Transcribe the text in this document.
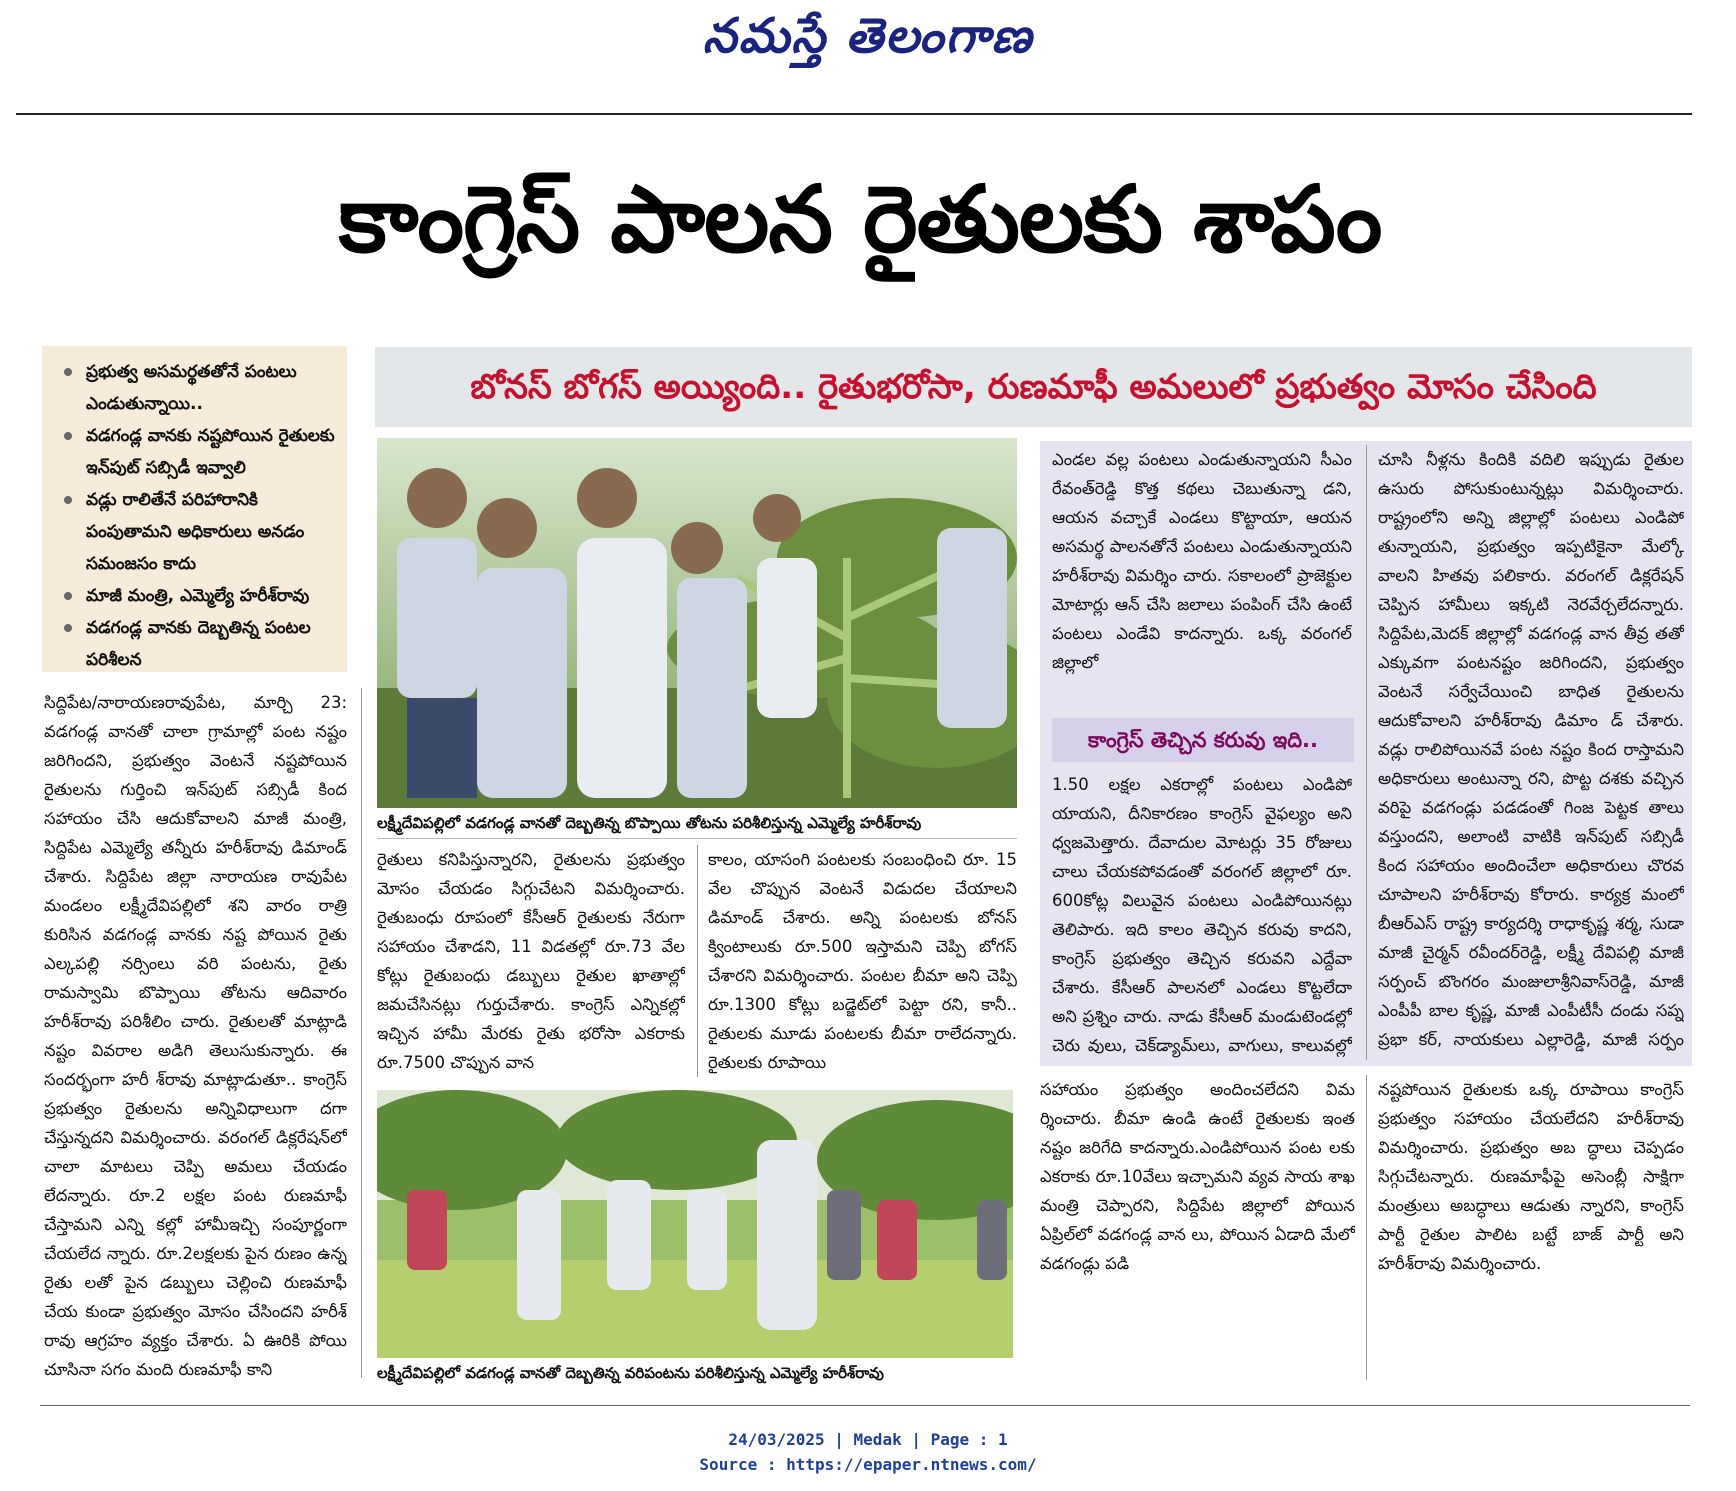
నమస్తే తెలంగాణ
కాంగ్రెస్ పాలన రైతులకు శాపం
ప్రభుత్వ అసమర్థతతోనే పంటలు ఎండుతున్నాయి..
వడగండ్ల వానకు నష్టపోయిన రైతులకు ఇన్‌పుట్ సబ్సిడీ ఇవ్వాలి
వడ్లు రాలితేనే పరిహారానికి పంపుతామని అధికారులు అనడం సమంజసం కాదు
మాజీ మంత్రి, ఎమ్మెల్యే హరీశ్‌రావు
వడగండ్ల వానకు దెబ్బతిన్న పంటల పరిశీలన
బోనస్ బోగస్ అయ్యింది.. రైతుభరోసా, రుణమాఫీ అమలులో ప్రభుత్వం మోసం చేసింది

సిద్దిపేట/నారాయణరావుపేట, మార్చి 23: వడగండ్ల వానతో చాలా గ్రామాల్లో పంట నష్టం జరిగిందని, ప్రభుత్వం వెంటనే నష్టపోయిన రైతులను గుర్తించి ఇన్‌పుట్ సబ్సిడీ కింద సహాయం చేసి ఆదుకోవాలని మాజీ మంత్రి, సిద్దిపేట ఎమ్మెల్యే తన్నీరు హరీశ్‌రావు డిమాండ్ చేశారు. సిద్దిపేట జిల్లా నారాయణ రావుపేట మండలం లక్ష్మీదేవిపల్లిలో శని వారం రాత్రి కురిసిన వడగండ్ల వానకు నష్ట పోయిన రైతు ఎల్కపల్లి నర్సింలు వరి పంటను, రైతు రామస్వామి బొప్పాయి తోటను ఆదివారం హరీశ్‌రావు పరిశీలిం చారు. రైతులతో మాట్లాడి నష్టం వివరాల అడిగి తెలుసుకున్నారు. ఈ సందర్భంగా హరీ శ్‌రావు మాట్లాడుతూ.. కాంగ్రెస్ ప్రభుత్వం రైతులను అన్నివిధాలుగా దగా చేస్తున్నదని విమర్శించారు. వరంగల్ డిక్లరేషన్‌లో చాలా మాటలు చెప్పి అమలు చేయడం లేదన్నారు. రూ.2 లక్షల పంట రుణమాఫీ చేస్తామని ఎన్ని కల్లో హామీఇచ్చి సంపూర్ణంగా చేయలేద న్నారు. రూ.2లక్షలకు పైన రుణం ఉన్న రైతు లతో పైన డబ్బులు చెల్లించి రుణమాఫీ చేయ కుండా ప్రభుత్వం మోసం చేసిందని హరీశ్ రావు ఆగ్రహం వ్యక్తం చేశారు. ఏ ఊరికి పోయి చూసినా సగం మంది రుణమాఫీ కాని

లక్ష్మీదేవిపల్లిలో వడగండ్ల వానతో దెబ్బతిన్న బొప్పాయి తోటను పరిశీలిస్తున్న ఎమ్మెల్యే హరీశ్‌రావు

రైతులు కనిపిస్తున్నారని, రైతులను ప్రభుత్వం మోసం చేయడం సిగ్గుచేటని విమర్శించారు. రైతుబంధు రూపంలో కేసీఆర్ రైతులకు నేరుగా సహాయం చేశాడని, 11 విడతల్లో రూ.73 వేల కోట్లు రైతుబంధు డబ్బులు రైతుల ఖాతాల్లో జమచేసినట్లు గుర్తుచేశారు. కాంగ్రెస్ ఎన్నికల్లో ఇచ్చిన హామీ మేరకు రైతు భరోసా ఎకరాకు రూ.7500 చొప్పున వాన

కాలం, యాసంగి పంటలకు సంబంధించి రూ. 15 వేల చొప్పున వెంటనే విడుదల చేయాలని డిమాండ్ చేశారు. అన్ని పంటలకు బోనస్ క్వింటాలుకు రూ.500 ఇస్తామని చెప్పి బోగస్ చేశారని విమర్శించారు. పంటల బీమా అని చెప్పి రూ.1300 కోట్లు బడ్జెట్‌లో పెట్టా రని, కానీ.. రైతులకు మూడు పంటలకు బీమా రాలేదన్నారు. రైతులకు రూపాయి

లక్ష్మీదేవిపల్లిలో వడగండ్ల వానతో దెబ్బతిన్న వరిపంటను పరిశీలిస్తున్న ఎమ్మెల్యే హరీశ్‌రావు

ఎండల వల్ల పంటలు ఎండుతున్నాయని సీఎం రేవంత్‌రెడ్డి కొత్త కథలు చెబుతున్నా డని, ఆయన వచ్చాకే ఎండలు కొట్టాయా, ఆయన అసమర్థ పాలనతోనే పంటలు ఎండుతున్నాయని హరీశ్‌రావు విమర్శిం చారు. సకాలంలో ప్రాజెక్టుల మోటార్లు ఆన్ చేసి జలాలు పంపింగ్ చేసి ఉంటే పంటలు ఎండేవి కాదన్నారు. ఒక్క వరంగల్ జిల్లాలో

కాంగ్రెస్ తెచ్చిన కరువు ఇది..

1.50 లక్షల ఎకరాల్లో పంటలు ఎండిపో యాయని, దీనికారణం కాంగ్రెస్ వైఫల్యం అని ధ్వజమెత్తారు. దేవాదుల మోటర్లు 35 రోజులు చాలు చేయకపోవడంతో వరంగల్ జిల్లాలో రూ. 600కోట్ల విలువైన పంటలు ఎండిపోయినట్లు తెలిపారు. ఇది కాలం తెచ్చిన కరువు కాదని, కాంగ్రెస్ ప్రభుత్వం తెచ్చిన కరువని ఎద్దేవా చేశారు. కేసీఆర్ పాలనలో ఎండలు కొట్టలేదా అని ప్రశ్నిం చారు. నాడు కేసీఆర్ మండుటెండల్లో చెరు వులు, చెక్‌డ్యామ్‌లు, వాగులు, కాలువల్లో

చూసి నీళ్లను కిందికి వదిలి ఇప్పుడు రైతుల ఉసురు పోసుకుంటున్నట్లు విమర్శించారు. రాష్ట్రంలోని అన్ని జిల్లాల్లో పంటలు ఎండిపో తున్నాయని, ప్రభుత్వం ఇప్పటికైనా మేల్కో వాలని హితవు పలికారు. వరంగల్ డిక్లరేషన్ చెప్పిన హామీలు ఇక్కటి నెరవేర్చలేదన్నారు. సిద్దిపేట,మెదక్ జిల్లాల్లో వడగండ్ల వాన తీవ్ర తతో ఎక్కువగా పంటనష్టం జరిగిందని, ప్రభుత్వం వెంటనే సర్వేచేయించి బాధిత రైతులను ఆదుకోవాలని హరీశ్‌రావు డిమాం డ్ చేశారు. వడ్లు రాలిపోయినవే పంట నష్టం కింద రాస్తామని అధికారులు అంటున్నా రని, పొట్ట దశకు వచ్చిన వరిపై వడగండ్లు పడడంతో గింజ పెట్టక తాలు వస్తుందని, అలాంటి వాటికి ఇన్‌పుట్ సబ్సిడీ కింద సహాయం అందించేలా అధికారులు చొరవ చూపాలని హరీశ్‌రావు కోరారు. కార్యక్ర మంలో బీఆర్‌ఎస్ రాష్ట్ర కార్యదర్శి రాధాకృష్ణ శర్మ, సుడా మాజీ చైర్మన్ రవీందర్‌రెడ్డి, లక్ష్మీ దేవిపల్లి మాజీ సర్పంచ్ బొంగరం మంజులాశ్రీనివాస్‌రెడ్డి, మాజీ ఎంపీపీ బాల కృష్ణ, మాజీ ఎంపీటీసీ దండు సప్న ప్రభా కర్, నాయకులు ఎల్లారెడ్డి, మాజీ సర్పం

సహాయం ప్రభుత్వం అందించలేదని విమ ర్శించారు. బీమా ఉండి ఉంటే రైతులకు ఇంత నష్టం జరిగేది కాదన్నారు.ఎండిపోయిన పంట లకు ఎకరాకు రూ.10వేలు ఇచ్చామని వ్యవ సాయ శాఖ మంత్రి చెప్పారని, సిద్దిపేట జిల్లాలో పోయిన ఏప్రిల్‌లో వడగండ్ల వాన లు, పోయిన ఏడాది మేలో వడగండ్లు పడి

నష్టపోయిన రైతులకు ఒక్క రూపాయి కాంగ్రెస్ ప్రభుత్వం సహాయం చేయలేదని హరీశ్‌రావు విమర్శించారు. ప్రభుత్వం అబ ద్ధాలు చెప్పడం సిగ్గుచేటన్నారు. రుణమాఫీపై అసెంబ్లీ సాక్షిగా మంత్రులు అబద్ధాలు ఆడుతు న్నారని, కాంగ్రెస్ పార్టీ రైతుల పాలిట బట్టే బాజ్ పార్టీ అని హరీశ్‌రావు విమర్శించారు.

24/03/2025 | Medak | Page : 1
Source : https://epaper.ntnews.com/
